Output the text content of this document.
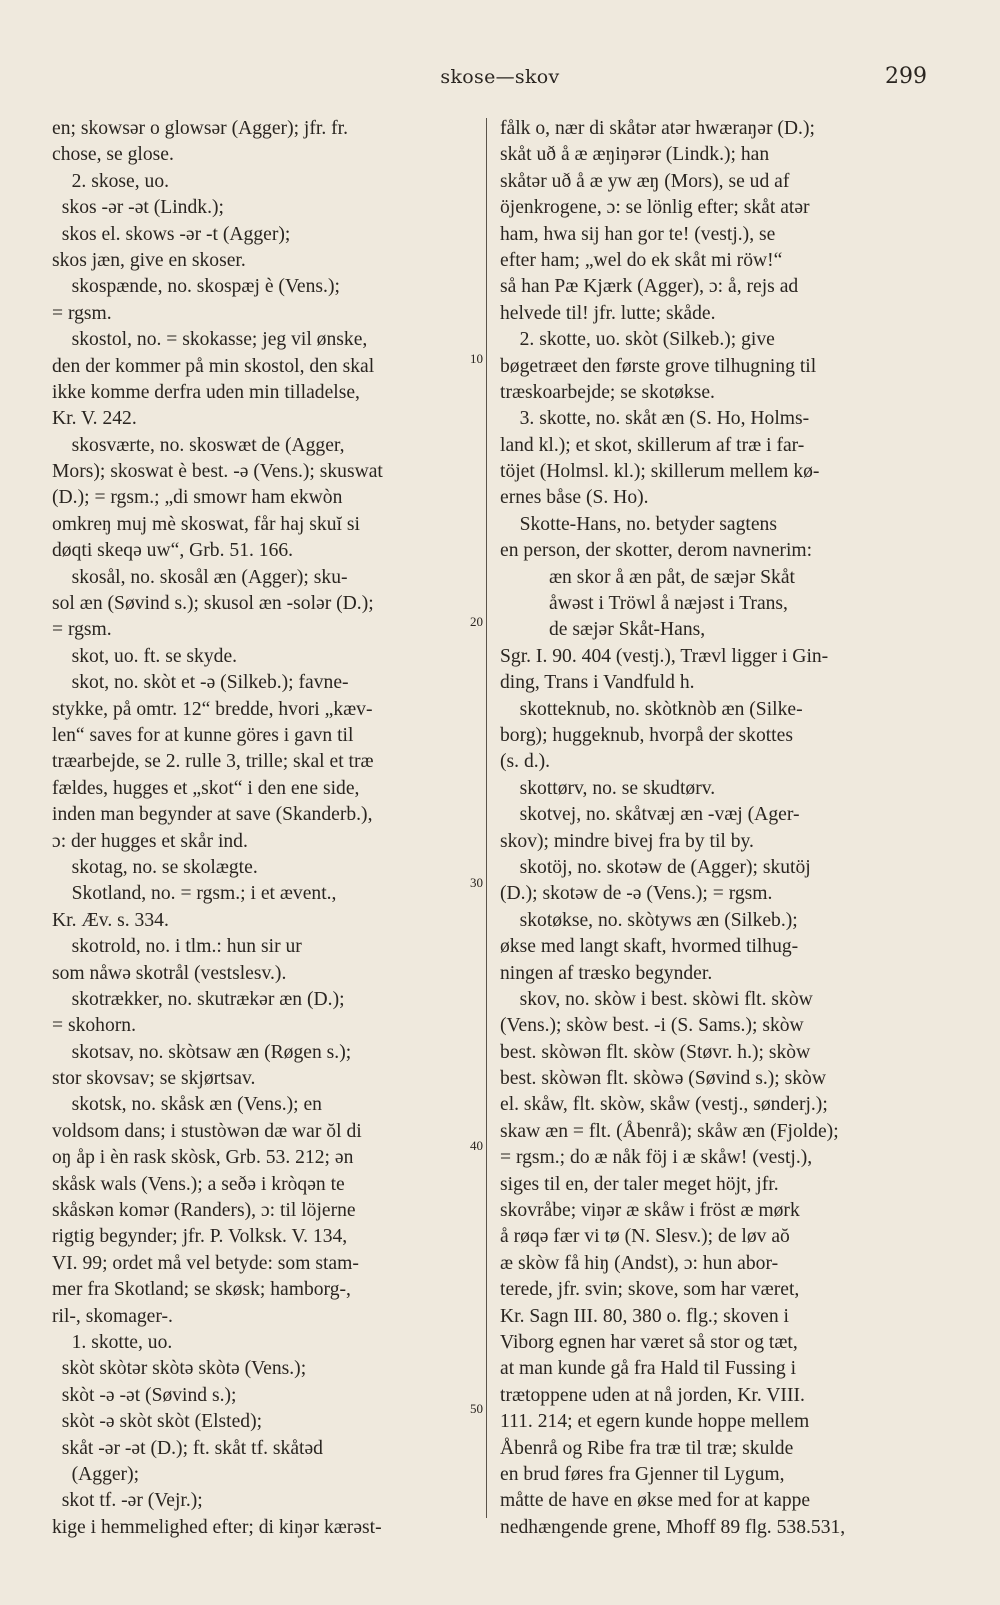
skose—skov	299
en; skowsər o glowsər (Agger); jfr. fr.
chose, se glose.
2. skose, uo.
skos -ər -ət (Lindk.);
skos el. skows -ər -t (Agger);
skos jæn, give en skoser.
skospænde, no. skospæj è (Vens.);
= rgsm.
skostol, no. = skokasse; jeg vil ønske,
den der kommer på min skostol, den skal
ikke komme derfra uden min tilladelse,
Kr. V. 242.
skosværte, no. skoswæt de (Agger,
Mors); skoswat è best. -ə (Vens.); skuswat
(D.); = rgsm.; „di smowr ham ekwòn
omkreŋ muj mè skoswat, får haj skuĭ si
døqti skeqə uw“, Grb. 51. 166.
skosål, no. skosål æn (Agger); sku-
sol æn (Søvind s.); skusol æn -solər (D.);
= rgsm.
skot, uo. ft. se skyde.
skot, no. skòt et -ə (Silkeb.); favne-
stykke, på omtr. 12“ bredde, hvori „kæv-
len“ saves for at kunne göres i gavn til
træarbejde, se 2. rulle 3, trille; skal et træ
fældes, hugges et „skot“ i den ene side,
inden man begynder at save (Skanderb.),
ɔ: der hugges et skår ind.
skotag, no. se skolægte.
Skotland, no. = rgsm.; i et ævent.,
Kr. Æv. s. 334.
skotrold, no. i tlm.: hun sir ur
som nåwə skotrål (vestslesv.).
skotrækker, no. skutrækər æn (D.);
= skohorn.
skotsav, no. skòtsaw æn (Røgen s.);
stor skovsav; se skjørtsav.
skotsk, no. skåsk æn (Vens.); en
voldsom dans; i stustòwən dæ war ŏl di
oŋ åp i èn rask skòsk, Grb. 53. 212; ən
skåsk wals (Vens.); a seðə i kròqən te
skåskən komər (Randers), ɔ: til löjerne
rigtig begynder; jfr. P. Volksk. V. 134,
VI. 99; ordet må vel betyde: som stam-
mer fra Skotland; se skøsk; hamborg-,
ril-, skomager-.
1. skotte, uo.
skòt skòtər skòtə skòtə (Vens.);
skòt -ə -ət (Søvind s.);
skòt -ə skòt skòt (Elsted);
skåt -ər -ət (D.); ft. skåt tf. skåtəd
(Agger);
skot tf. -ər (Vejr.);
kige i hemmelighed efter; di kiŋər kærəst-
fålk o, nær di skåtər atər hwæraŋər (D.);
skåt uð å æ æŋiŋərər (Lindk.); han
skåtər uð å æ yw æŋ (Mors), se ud af
öjenkrogene, ɔ: se lönlig efter; skåt atər
ham, hwa sij han gor te! (vestj.), se
efter ham; „wel do ek skåt mi röw!“
så han Pæ Kjærk (Agger), ɔ: å, rejs ad
helvede til! jfr. lutte; skåde.
2. skotte, uo. skòt (Silkeb.); give
bøgetræet den første grove tilhugning til
træskoarbejde; se skotøkse.
3. skotte, no. skåt æn (S. Ho, Holms-
land kl.); et skot, skillerum af træ i far-
töjet (Holmsl. kl.); skillerum mellem kø-
ernes båse (S. Ho).
Skotte-Hans, no. betyder sagtens
en person, der skotter, derom navnerim:
æn skor å æn påt, de sæjər Skåt
åwəst i Tröwl å næjəst i Trans,
de sæjər Skåt-Hans,
Sgr. I. 90. 404 (vestj.), Trævl ligger i Gin-
ding, Trans i Vandfuld h.
skotteknub, no. skòtknòb æn (Silke-
borg); huggeknub, hvorpå der skottes
(s. d.).
skottørv, no. se skudtørv.
skotvej, no. skåtvæj æn -væj (Ager-
skov); mindre bivej fra by til by.
skotöj, no. skotəw de (Agger); skutöj
(D.); skotəw de -ə (Vens.); = rgsm.
skotøkse, no. skòtyws æn (Silkeb.);
økse med langt skaft, hvormed tilhug-
ningen af træsko begynder.
skov, no. skòw i best. skòwi flt. skòw
(Vens.); skòw best. -i (S. Sams.); skòw
best. skòwən flt. skòw (Støvr. h.); skòw
best. skòwən flt. skòwə (Søvind s.); skòw
el. skåw, flt. skòw, skåw (vestj., sønderj.);
skaw æn = flt. (Åbenrå); skåw æn (Fjolde);
= rgsm.; do æ nåk föj i æ skåw! (vestj.),
siges til en, der taler meget höjt, jfr.
skovråbe; viŋər æ skåw i fröst æ mørk
å røqə fær vi tø (N. Slesv.); de løv aŏ
æ skòw få hiŋ (Andst), ɔ: hun abor-
terede, jfr. svin; skove, som har været,
Kr. Sagn III. 80, 380 o. flg.; skoven i
Viborg egnen har været så stor og tæt,
at man kunde gå fra Hald til Fussing i
trætoppene uden at nå jorden, Kr. VIII.
111. 214; et egern kunde hoppe mellem
Åbenrå og Ribe fra træ til træ; skulde
en brud føres fra Gjenner til Lygum,
måtte de have en økse med for at kappe
nedhængende grene, Mhoff 89 flg. 538.531,
10
20
30
40
50
